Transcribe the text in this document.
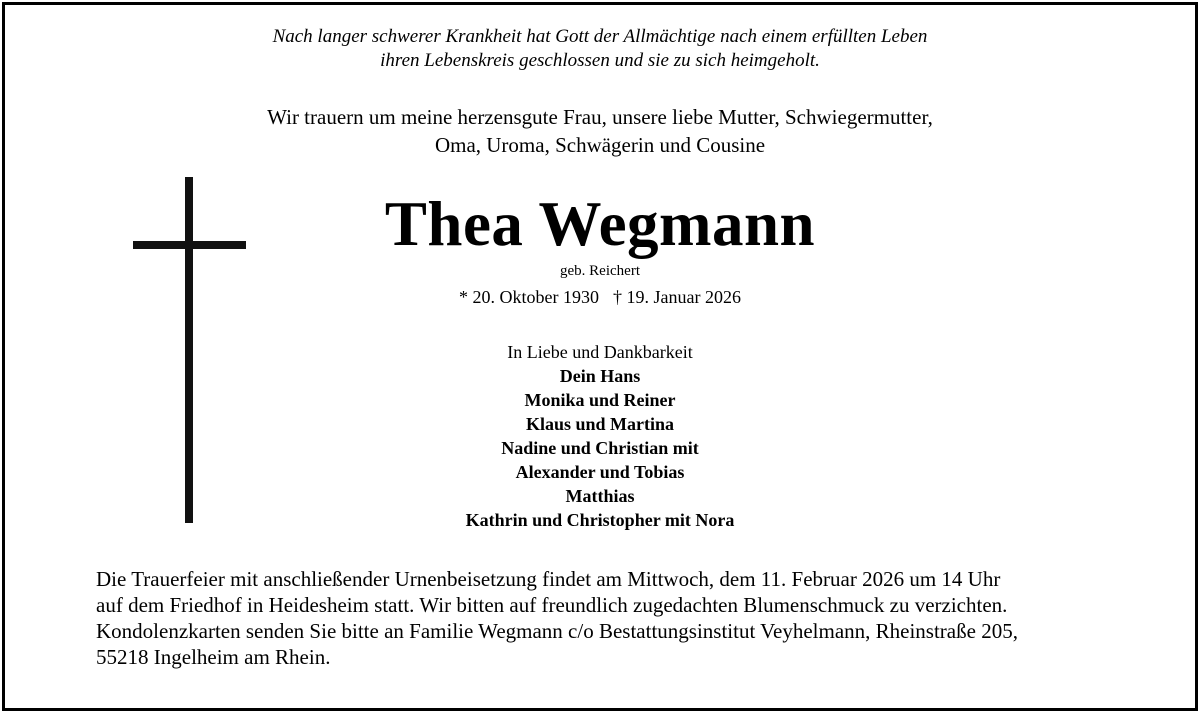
Nach langer schwerer Krankheit hat Gott der Allmächtige nach einem erfüllten Leben
ihren Lebenskreis geschlossen und sie zu sich heimgeholt.
Wir trauern um meine herzensgute Frau, unsere liebe Mutter, Schwiegermutter,
Oma, Uroma, Schwägerin und Cousine
Thea Wegmann
geb. Reichert
* 20. Oktober 1930 † 19. Januar 2026
In Liebe und Dankbarkeit
Dein Hans
Monika und Reiner
Klaus und Martina
Nadine und Christian mit
Alexander und Tobias
Matthias
Kathrin und Christopher mit Nora
Die Trauerfeier mit anschließender Urnenbeisetzung findet am Mittwoch, dem 11. Februar 2026 um 14 Uhr
auf dem Friedhof in Heidesheim statt. Wir bitten auf freundlich zugedachten Blumenschmuck zu verzichten.
Kondolenzkarten senden Sie bitte an Familie Wegmann c/o Bestattungsinstitut Veyhelmann, Rheinstraße 205,
55218 Ingelheim am Rhein.
